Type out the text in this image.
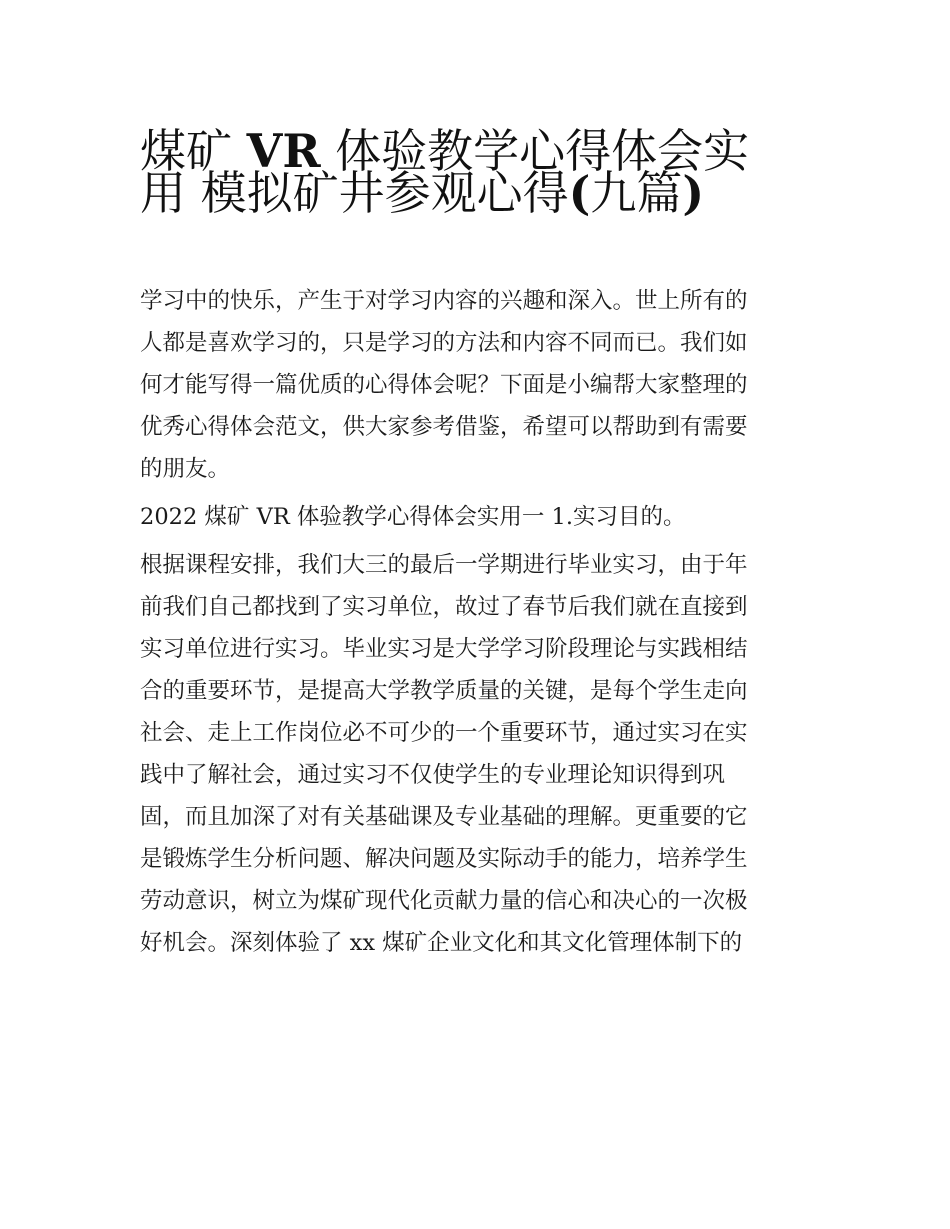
煤矿 VR 体验教学心得体会实
用 模拟矿井参观心得(九篇)
学习中的快乐，产生于对学习内容的兴趣和深入。世上所有的
人都是喜欢学习的，只是学习的方法和内容不同而已。我们如
何才能写得一篇优质的心得体会呢？下面是小编帮大家整理的
优秀心得体会范文，供大家参考借鉴，希望可以帮助到有需要
的朋友。
2022 煤矿 VR 体验教学心得体会实用一 1.实习目的。
根据课程安排，我们大三的最后一学期进行毕业实习，由于年
前我们自己都找到了实习单位，故过了春节后我们就在直接到
实习单位进行实习。毕业实习是大学学习阶段理论与实践相结
合的重要环节，是提高大学教学质量的关键，是每个学生走向
社会、走上工作岗位必不可少的一个重要环节，通过实习在实
践中了解社会，通过实习不仅使学生的专业理论知识得到巩
固，而且加深了对有关基础课及专业基础的理解。更重要的它
是锻炼学生分析问题、解决问题及实际动手的能力，培养学生
劳动意识，树立为煤矿现代化贡献力量的信心和决心的一次极
好机会。深刻体验了 xx 煤矿企业文化和其文化管理体制下的
